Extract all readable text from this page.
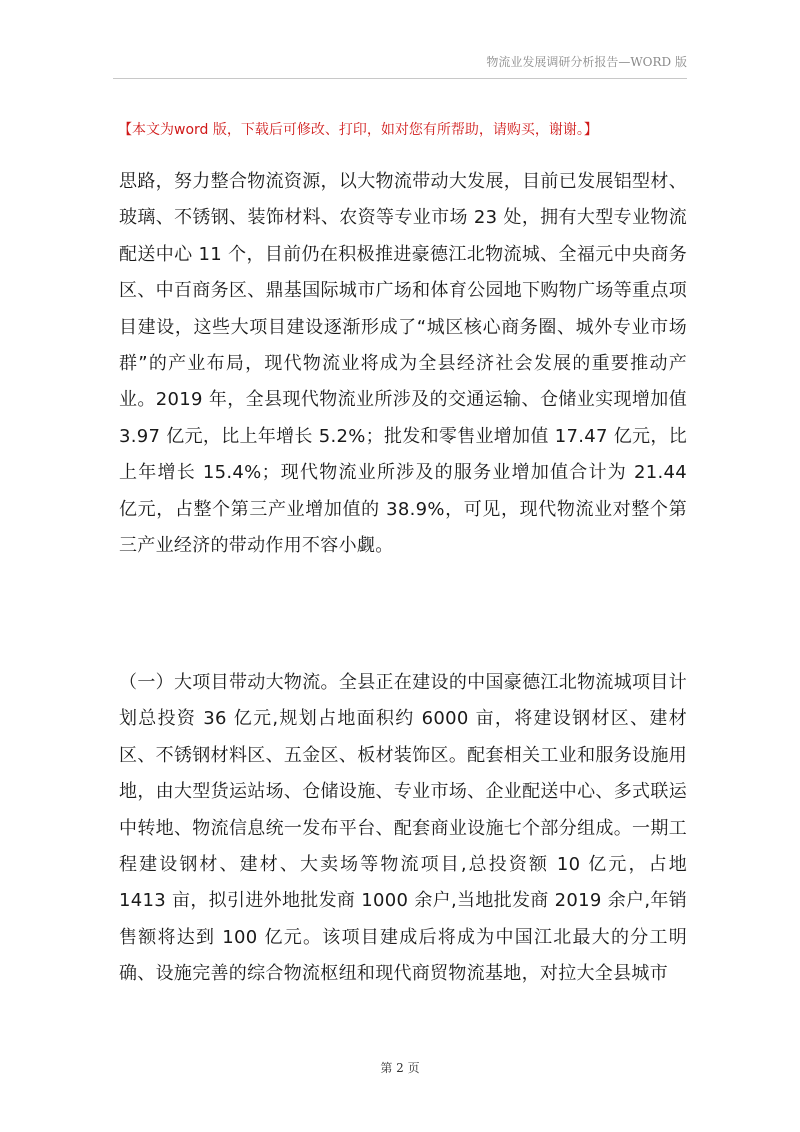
物流业发展调研分析报告—WORD 版
【本文为word 版，下载后可修改、打印，如对您有所帮助，请购买，谢谢。】
思路，努力整合物流资源，以大物流带动大发展，目前已发展铝型材、玻璃、不锈钢、装饰材料、农资等专业市场 23 处，拥有大型专业物流配送中心 11 个，目前仍在积极推进豪德江北物流城、全福元中央商务区、中百商务区、鼎基国际城市广场和体育公园地下购物广场等重点项目建设，这些大项目建设逐渐形成了“城区核心商务圈、城外专业市场群”的产业布局，现代物流业将成为全县经济社会发展的重要推动产业。2019 年，全县现代物流业所涉及的交通运输、仓储业实现增加值 3.97 亿元，比上年增长 5.2%；批发和零售业增加值 17.47 亿元，比上年增长 15.4%；现代物流业所涉及的服务业增加值合计为 21.44 亿元，占整个第三产业增加值的 38.9%，可见，现代物流业对整个第三产业经济的带动作用不容小觑。
（一）大项目带动大物流。全县正在建设的中国豪德江北物流城项目计划总投资 36 亿元,规划占地面积约 6000 亩，将建设钢材区、建材区、不锈钢材料区、五金区、板材装饰区。配套相关工业和服务设施用地，由大型货运站场、仓储设施、专业市场、企业配送中心、多式联运中转地、物流信息统一发布平台、配套商业设施七个部分组成。一期工程建设钢材、建材、大卖场等物流项目,总投资额 10 亿元，占地 1413 亩，拟引进外地批发商 1000 余户,当地批发商 2019 余户,年销售额将达到 100 亿元。该项目建成后将成为中国江北最大的分工明确、设施完善的综合物流枢纽和现代商贸物流基地，对拉大全县城市
第 2 页
